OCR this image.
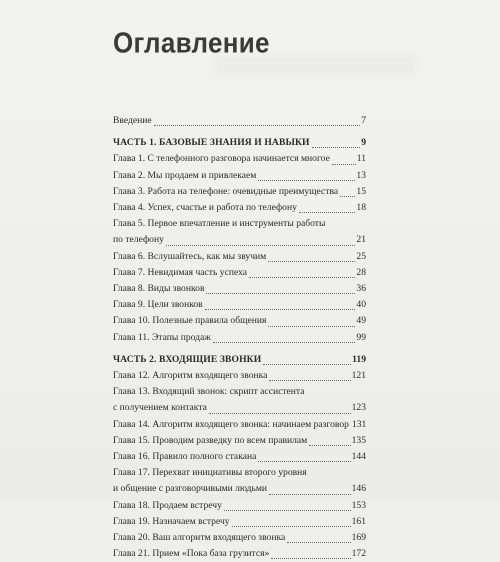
Оглавление
Введение	7
ЧАСТЬ 1. БАЗОВЫЕ ЗНАНИЯ И НАВЫКИ	9
Глава 1. С телефонного разговора начинается многое	11
Глава 2. Мы продаем и привлекаем	13
Глава 3. Работа на телефоне: очевидные преимущества 15
Глава 4. Успех, счастье и работа по телефону	18
Глава 5. Первое впечатление и инструменты работы
по телефону	21
Глава 6. Вслушайтесь, как мы звучим	25
Глава 7. Невидимая часть успеха	28
Глава 8. Виды звонков	36
Глава 9. Цели звонков	40
Глава 10. Полезные правила общения	49
Глава 11. Этапы продаж	99
ЧАСТЬ 2. ВХОДЯЩИЕ ЗВОНКИ	119
Глава 12. Алгоритм входящего звонка	121
Глава 13. Входящий звонок: скрипт ассистента
с получением контакта	123
Глава 14. Алгоритм входящего звонка: начинаем разговор 131
Глава 15. Проводим разведку по всем правилам	135
Глава 16. Правило полного стакана	144
Глава 17. Перехват инициативы второго уровня
и общение с разговорчивыми людьми	146
Глава 18. Продаем встречу	153
Глава 19. Назначаем встречу	161
Глава 20. Ваш алгоритм входящего звонка	169
Глава 21. Прием «Пока база грузится»	172
